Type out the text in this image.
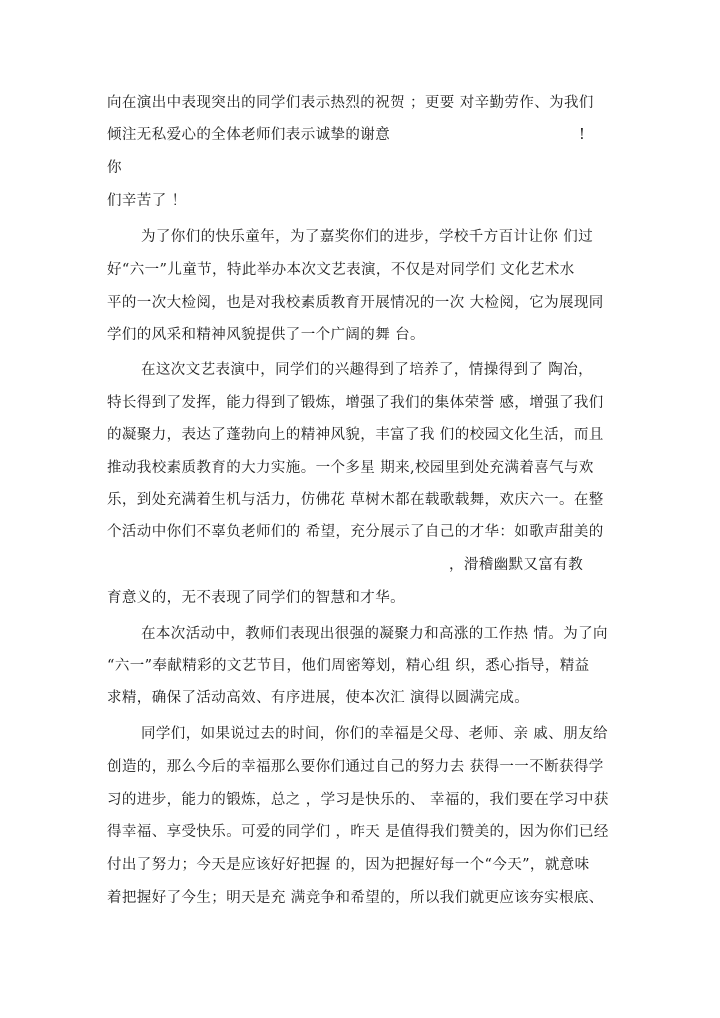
向在演出中表现突出的同学们表示热烈的祝贺 ；更要 对辛勤劳作、为我们
倾注无私爱心的全体老师们表示诚挚的谢意	!
你
们辛苦了 ！
为了你们的快乐童年，为了嘉奖你们的进步，学校千方百计让你 们过
好“六一”儿童节，特此举办本次文艺表演，不仅是对同学们 文化艺术水
平的一次大检阅，也是对我校素质教育开展情况的一次 大检阅，它为展现同
学们的风采和精神风貌提供了一个广阔的舞 台。
在这次文艺表演中，同学们的兴趣得到了培养了，情操得到了 陶冶，
特长得到了发挥，能力得到了锻炼，增强了我们的集体荣誉 感，增强了我们
的凝聚力，表达了蓬勃向上的精神风貌，丰富了我 们的校园文化生活，而且
推动我校素质教育的大力实施。一个多星 期来,校园里到处充满着喜气与欢
乐，到处充满着生机与活力，仿佛花 草树木都在载歌载舞，欢庆六一。在整
个活动中你们不辜负老师们的 希望，充分展示了自己的才华：如歌声甜美的
，滑稽幽默又富有教
育意义的，无不表现了同学们的智慧和才华。
在本次活动中，教师们表现出很强的凝聚力和高涨的工作热 情。为了向
“六一”奉献精彩的文艺节目，他们周密筹划，精心组 织，悉心指导，精益
求精，确保了活动高效、有序进展，使本次汇 演得以圆满完成。
同学们，如果说过去的时间，你们的幸福是父母、老师、亲 戚、朋友给
创造的，那么今后的幸福那么要你们通过自己的努力去 获得一一不断获得学
习的进步，能力的锻炼，总之 ，学习是快乐的、 幸福的，我们要在学习中获
得幸福、享受快乐。可爱的同学们 ，昨天 是值得我们赞美的，因为你们已经
付出了努力；今天是应该好好把握 的，因为把握好每一个“今天”，就意味
着把握好了今生；明天是充 满竞争和希望的，所以我们就更应该夯实根底、
